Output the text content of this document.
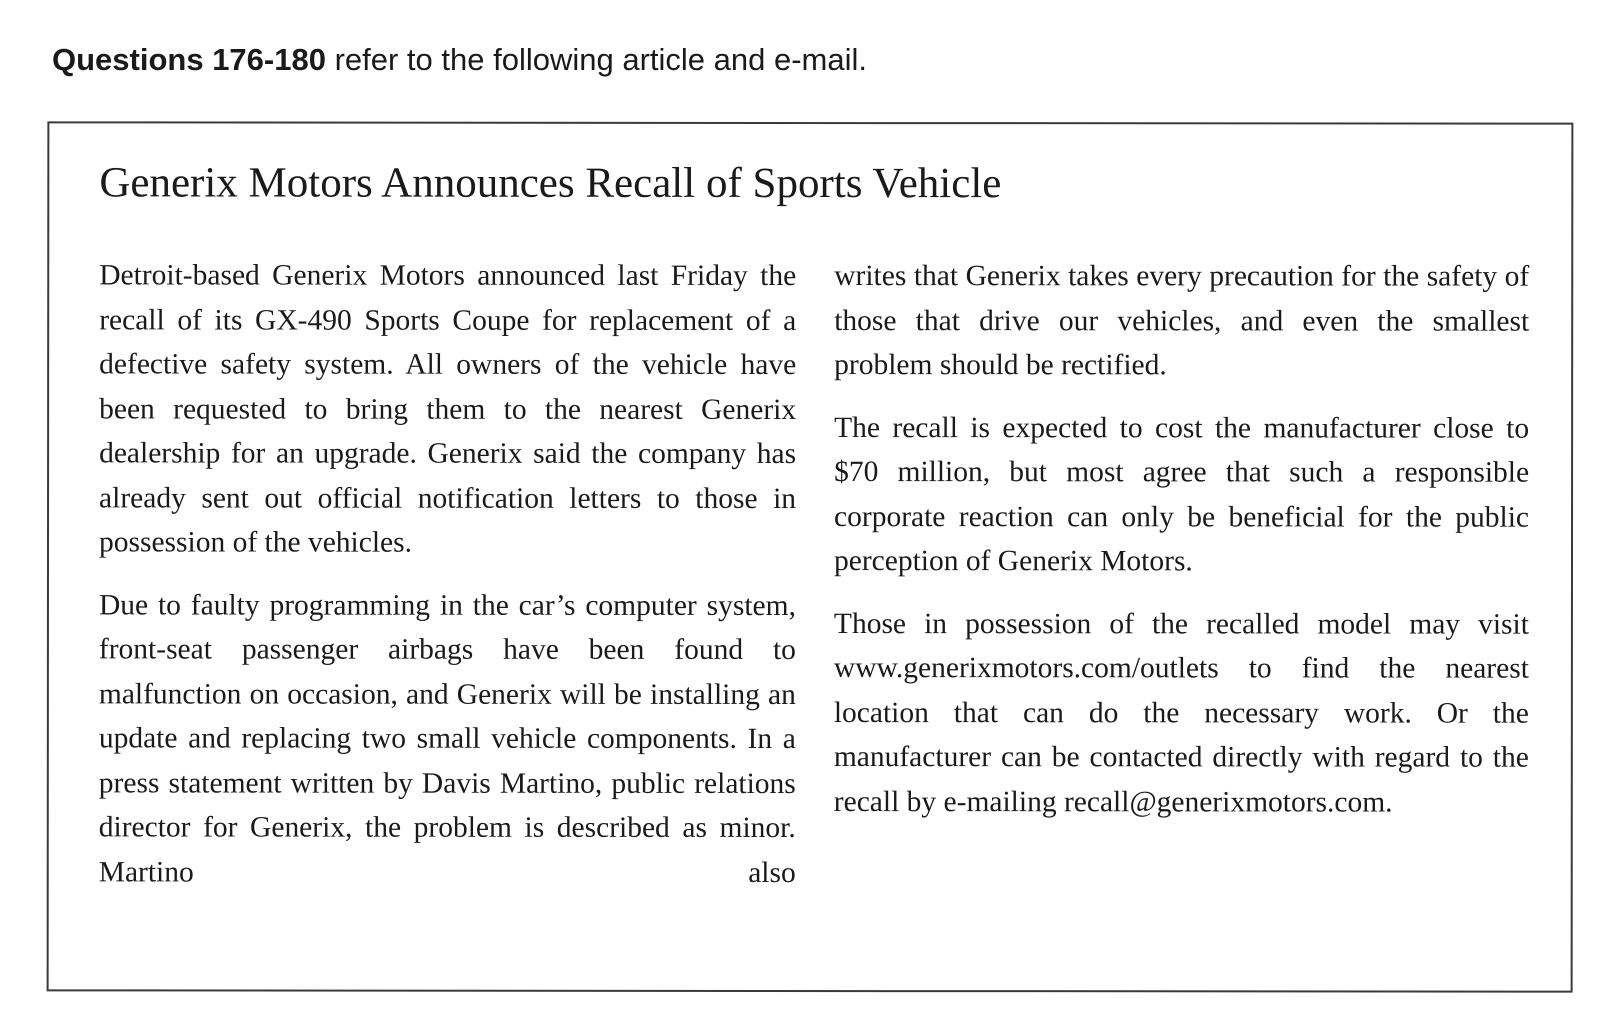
Questions 176-180 refer to the following article and e-mail.
Generix Motors Announces Recall of Sports Vehicle

Detroit-based Generix Motors announced last Friday the recall of its GX-490 Sports Coupe for replacement of a defective safety system. All owners of the vehicle have been requested to bring them to the nearest Generix dealership for an upgrade. Generix said the company has already sent out official notification letters to those in possession of the vehicles.

Due to faulty programming in the car’s computer system, front-seat passenger airbags have been found to malfunction on occasion, and Generix will be installing an update and replacing two small vehicle components. In a press statement written by Davis Martino, public relations director for Generix, the problem is described as minor. Martino also

writes that Generix takes every precaution for the safety of those that drive our vehicles, and even the smallest problem should be rectified.

The recall is expected to cost the manufacturer close to $70 million, but most agree that such a responsible corporate reaction can only be beneficial for the public perception of Generix Motors.

Those in possession of the recalled model may visit www.generixmotors.com/outlets to find the nearest location that can do the necessary work. Or the manufacturer can be contacted directly with regard to the recall by e-mailing recall@generixmotors.com.
